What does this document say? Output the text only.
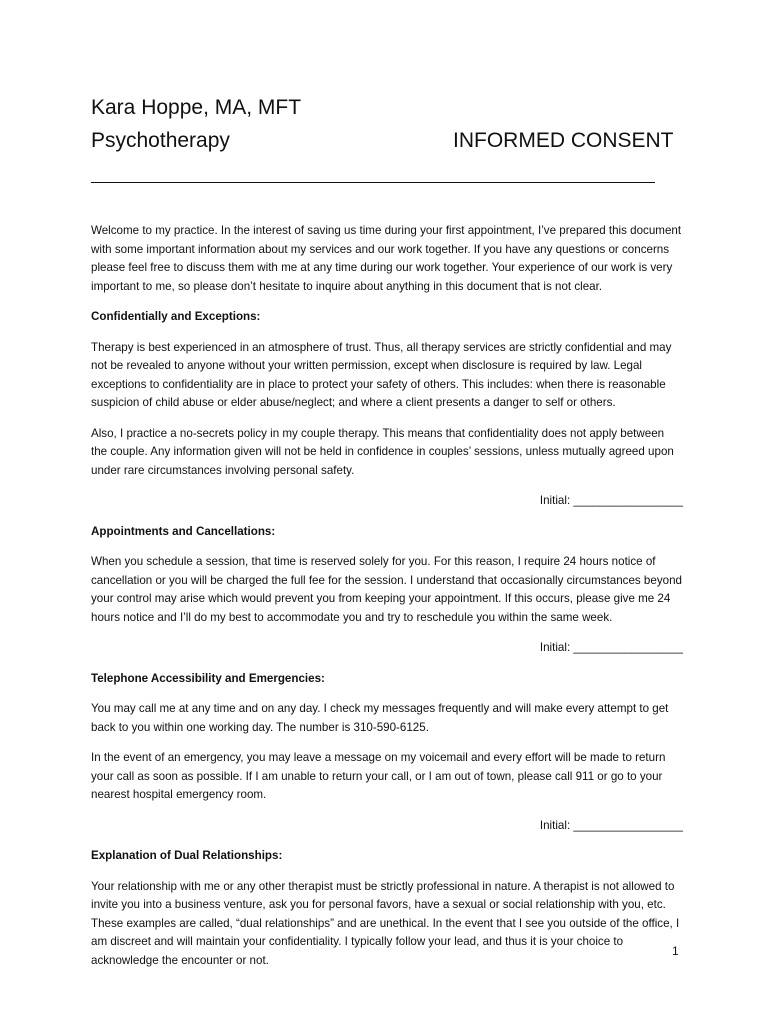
Kara Hoppe, MA, MFT
Psychotherapy	INFORMED CONSENT

Welcome to my practice. In the interest of saving us time during your first appointment, I’ve prepared this document with some important information about my services and our work together. If you have any questions or concerns please feel free to discuss them with me at any time during our work together. Your experience of our work is very important to me, so please don’t hesitate to inquire about anything in this document that is not clear.

Confidentially and Exceptions:

Therapy is best experienced in an atmosphere of trust. Thus, all therapy services are strictly confidential and may not be revealed to anyone without your written permission, except when disclosure is required by law. Legal exceptions to confidentiality are in place to protect your safety of others. This includes: when there is reasonable suspicion of child abuse or elder abuse/neglect; and where a client presents a danger to self or others.

Also, I practice a no-secrets policy in my couple therapy. This means that confidentiality does not apply between the couple. Any information given will not be held in confidence in couples’ sessions, unless mutually agreed upon under rare circumstances involving personal safety.

Initial: _________________

Appointments and Cancellations:

When you schedule a session, that time is reserved solely for you. For this reason, I require 24 hours notice of cancellation or you will be charged the full fee for the session. I understand that occasionally circumstances beyond your control may arise which would prevent you from keeping your appointment. If this occurs, please give me 24 hours notice and I’ll do my best to accommodate you and try to reschedule you within the same week.

Initial: _________________

Telephone Accessibility and Emergencies:

You may call me at any time and on any day. I check my messages frequently and will make every attempt to get back to you within one working day. The number is 310-590-6125.

In the event of an emergency, you may leave a message on my voicemail and every effort will be made to return your call as soon as possible. If I am unable to return your call, or I am out of town, please call 911 or go to your nearest hospital emergency room.

Initial: _________________

Explanation of Dual Relationships:

Your relationship with me or any other therapist must be strictly professional in nature. A therapist is not allowed to invite you into a business venture, ask you for personal favors, have a sexual or social relationship with you, etc. These examples are called, “dual relationships” and are unethical. In the event that I see you outside of the office, I am discreet and will maintain your confidentiality. I typically follow your lead, and thus it is your choice to acknowledge the encounter or not.

1
